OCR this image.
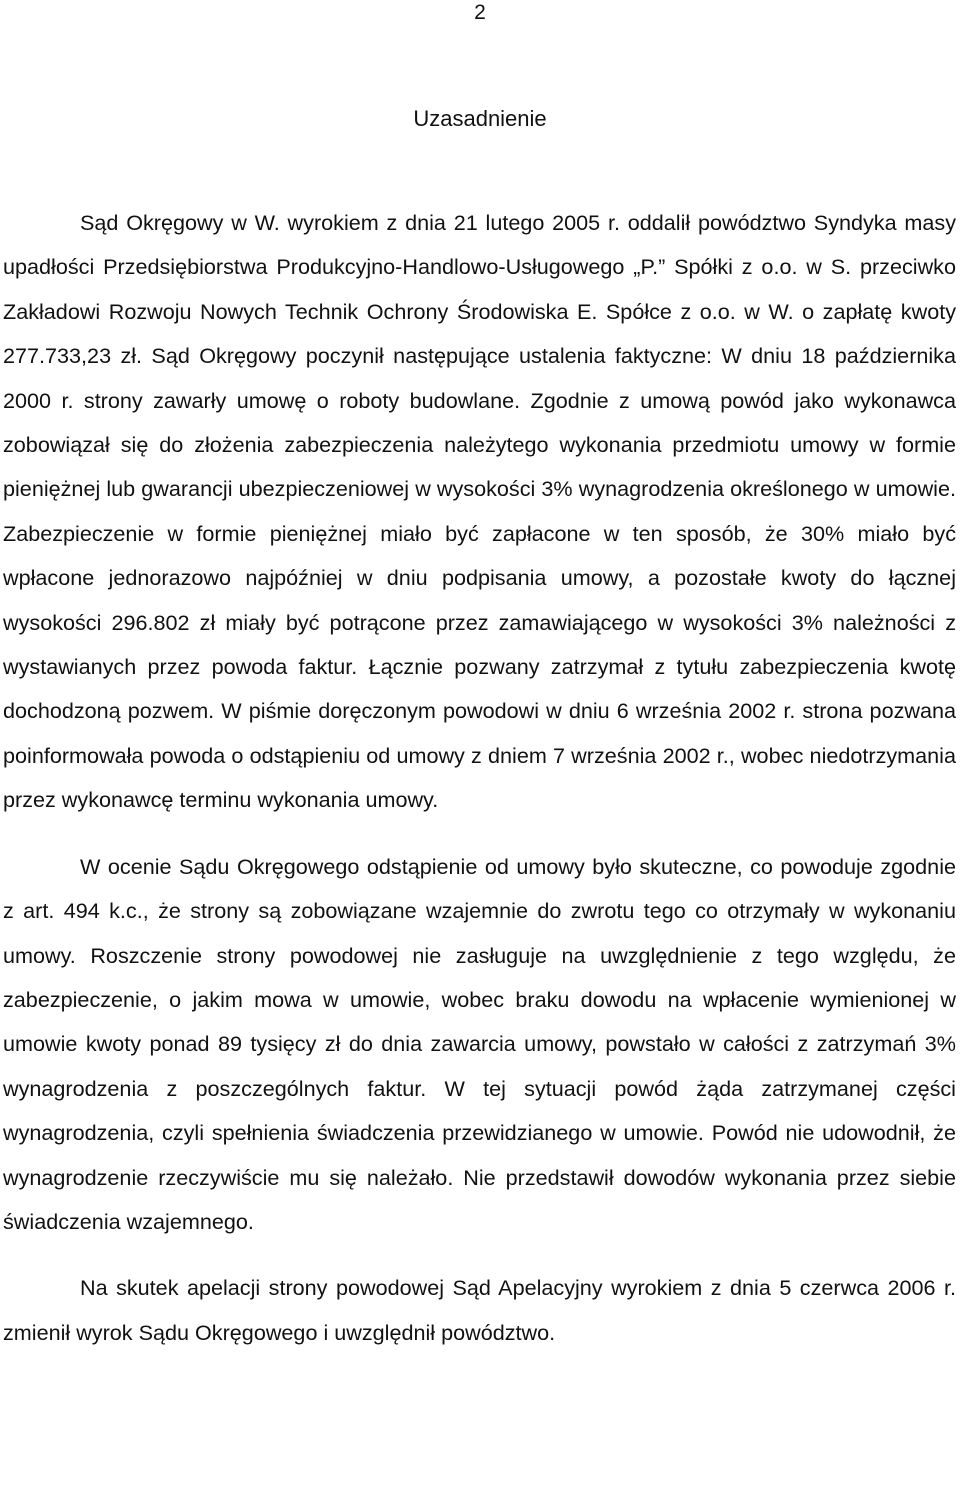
2
Uzasadnienie

Sąd Okręgowy w W. wyrokiem z dnia 21 lutego 2005 r. oddalił powództwo Syndyka masy upadłości Przedsiębiorstwa Produkcyjno-Handlowo-Usługowego „P.” Spółki z o.o. w S. przeciwko Zakładowi Rozwoju Nowych Technik Ochrony Środowiska E. Spółce z o.o. w W. o zapłatę kwoty 277.733,23 zł. Sąd Okręgowy poczynił następujące ustalenia faktyczne: W dniu 18 października 2000 r. strony zawarły umowę o roboty budowlane. Zgodnie z umową powód jako wykonawca zobowiązał się do złożenia zabezpieczenia należytego wykonania przedmiotu umowy w formie pieniężnej lub gwarancji ubezpieczeniowej w wysokości 3% wynagrodzenia określonego w umowie. Zabezpieczenie w formie pieniężnej miało być zapłacone w ten sposób, że 30% miało być wpłacone jednorazowo najpóźniej w dniu podpisania umowy, a pozostałe kwoty do łącznej wysokości 296.802 zł miały być potrącone przez zamawiającego w wysokości 3% należności z wystawianych przez powoda faktur. Łącznie pozwany zatrzymał z tytułu zabezpieczenia kwotę dochodzoną pozwem. W piśmie doręczonym powodowi w dniu 6 września 2002 r. strona pozwana poinformowała powoda o odstąpieniu od umowy z dniem 7 września 2002 r., wobec niedotrzymania przez wykonawcę terminu wykonania umowy.

W ocenie Sądu Okręgowego odstąpienie od umowy było skuteczne, co powoduje zgodnie z art. 494 k.c., że strony są zobowiązane wzajemnie do zwrotu tego co otrzymały w wykonaniu umowy. Roszczenie strony powodowej nie zasługuje na uwzględnienie z tego względu, że zabezpieczenie, o jakim mowa w umowie, wobec braku dowodu na wpłacenie wymienionej w umowie kwoty ponad 89 tysięcy zł do dnia zawarcia umowy, powstało w całości z zatrzymań 3% wynagrodzenia z poszczególnych faktur. W tej sytuacji powód żąda zatrzymanej części wynagrodzenia, czyli spełnienia świadczenia przewidzianego w umowie. Powód nie udowodnił, że wynagrodzenie rzeczywiście mu się należało. Nie przedstawił dowodów wykonania przez siebie świadczenia wzajemnego.

Na skutek apelacji strony powodowej Sąd Apelacyjny wyrokiem z dnia 5 czerwca 2006 r. zmienił wyrok Sądu Okręgowego i uwzględnił powództwo.
